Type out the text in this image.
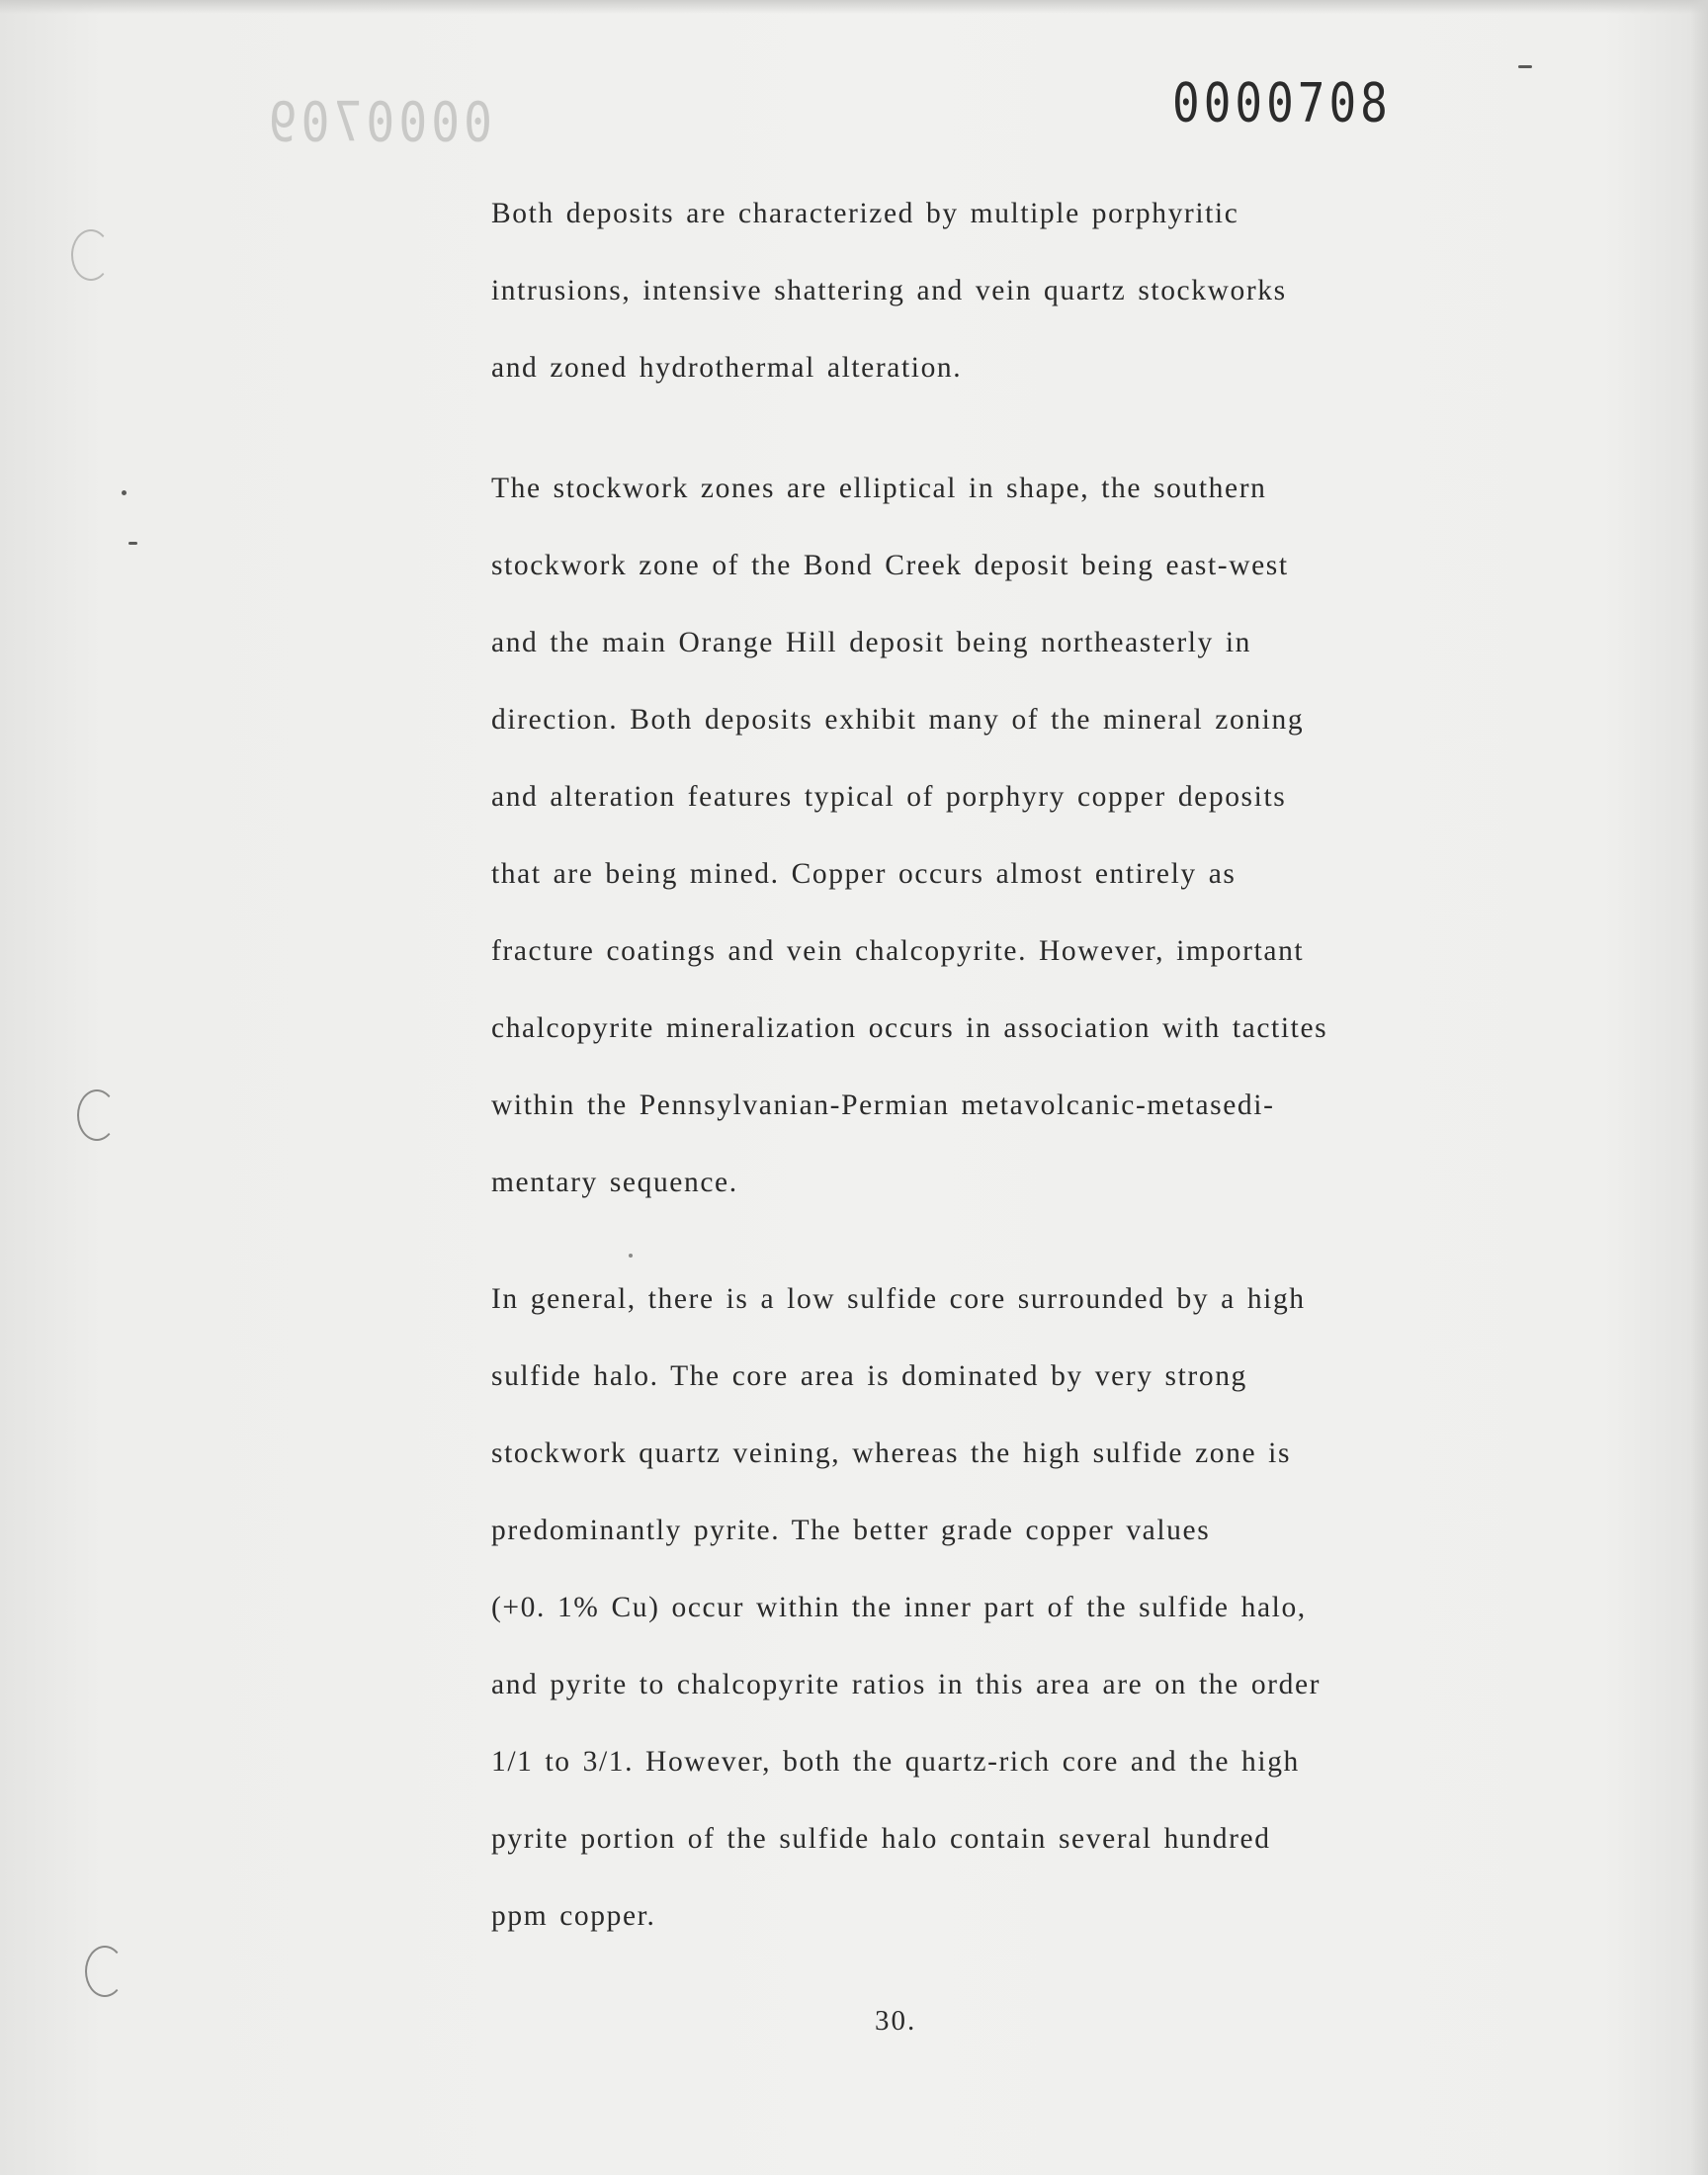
0000709	0000708
Both deposits are characterized by multiple porphyritic
intrusions, intensive shattering and vein quartz stockworks
and zoned hydrothermal alteration.
The stockwork zones are elliptical in shape, the southern
stockwork zone of the Bond Creek deposit being east-west
and the main Orange Hill deposit being northeasterly in
direction. Both deposits exhibit many of the mineral zoning
and alteration features typical of porphyry copper deposits
that are being mined. Copper occurs almost entirely as
fracture coatings and vein chalcopyrite. However, important
chalcopyrite mineralization occurs in association with tactites
within the Pennsylvanian-Permian metavolcanic-metasedi-
mentary sequence.
In general, there is a low sulfide core surrounded by a high
sulfide halo. The core area is dominated by very strong
stockwork quartz veining, whereas the high sulfide zone is
predominantly pyrite. The better grade copper values
(+0. 1% Cu) occur within the inner part of the sulfide halo,
and pyrite to chalcopyrite ratios in this area are on the order
1/1 to 3/1. However, both the quartz-rich core and the high
pyrite portion of the sulfide halo contain several hundred
ppm copper.
30.
